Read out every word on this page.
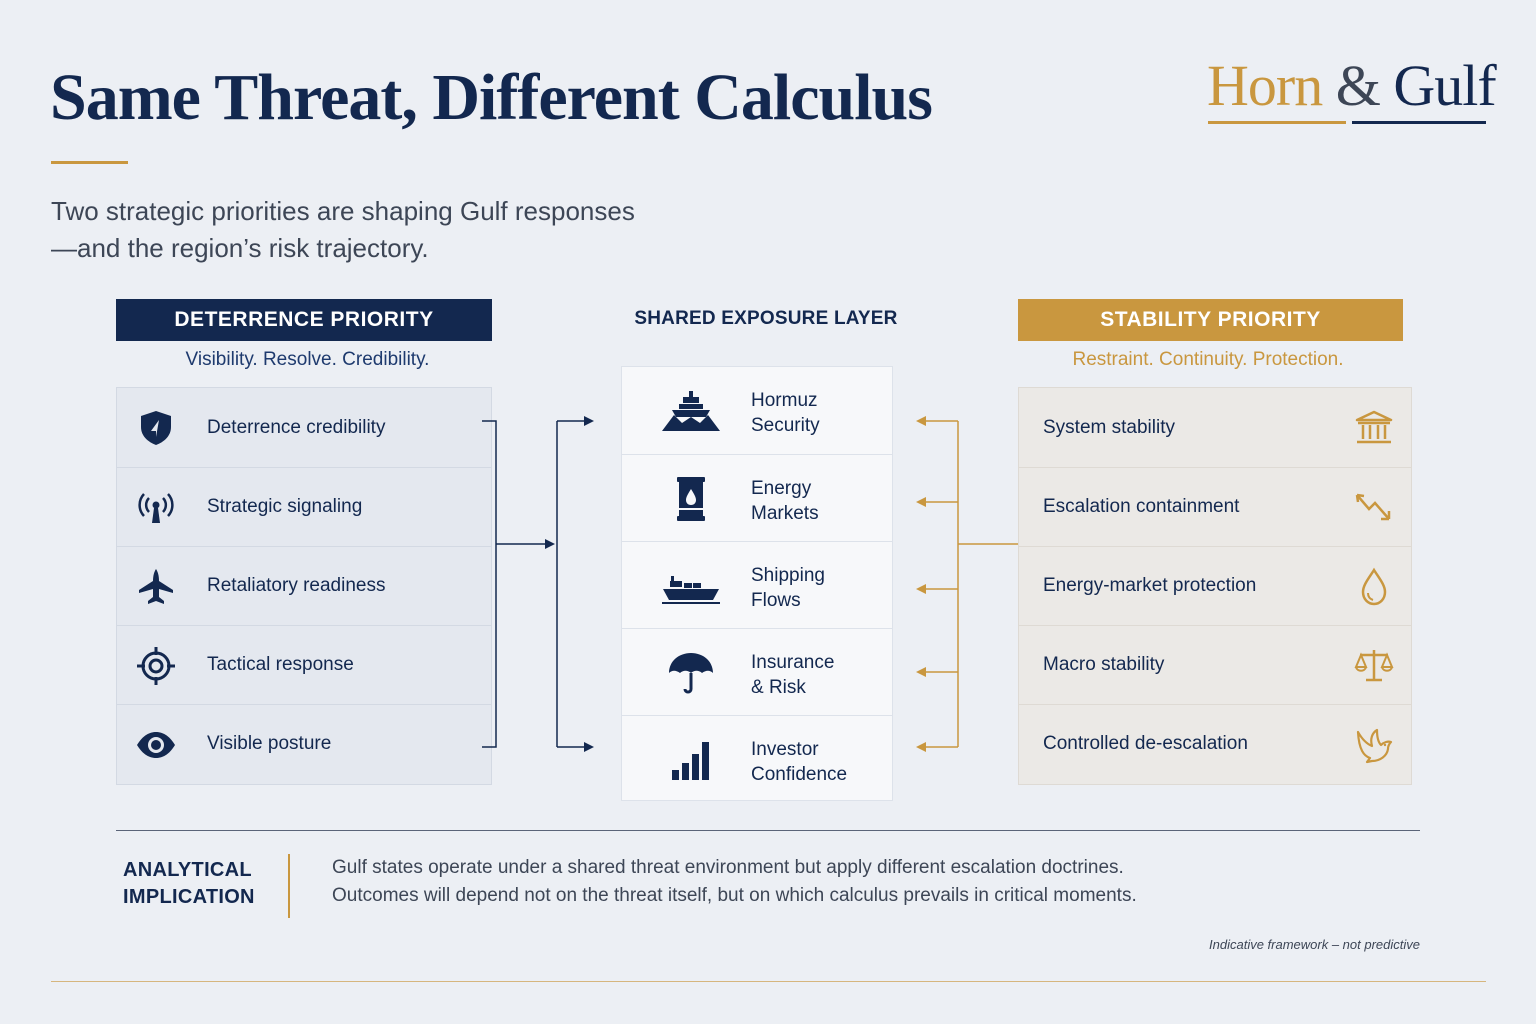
Same Threat, Different Calculus
Two strategic priorities are shaping Gulf responses
—and the region’s risk trajectory.
Horn & Gulf
DETERRENCE PRIORITY
Visibility. Resolve. Credibility.
SHARED EXPOSURE LAYER	STABILITY PRIORITY
Restraint. Continuity. Protection.
Deterrence credibility
Strategic signaling
Retaliatory readiness
Tactical response
Visible posture
Hormuz
Security
Energy
Markets
Shipping
Flows
Insurance
& Risk
Investor
Confidence
System stability
Escalation containment
Energy-market protection
Macro stability
Controlled de-escalation
ANALYTICAL
IMPLICATION
Gulf states operate under a shared threat environment but apply different escalation doctrines.
Outcomes will depend not on the threat itself, but on which calculus prevails in critical moments.
Indicative framework – not predictive
